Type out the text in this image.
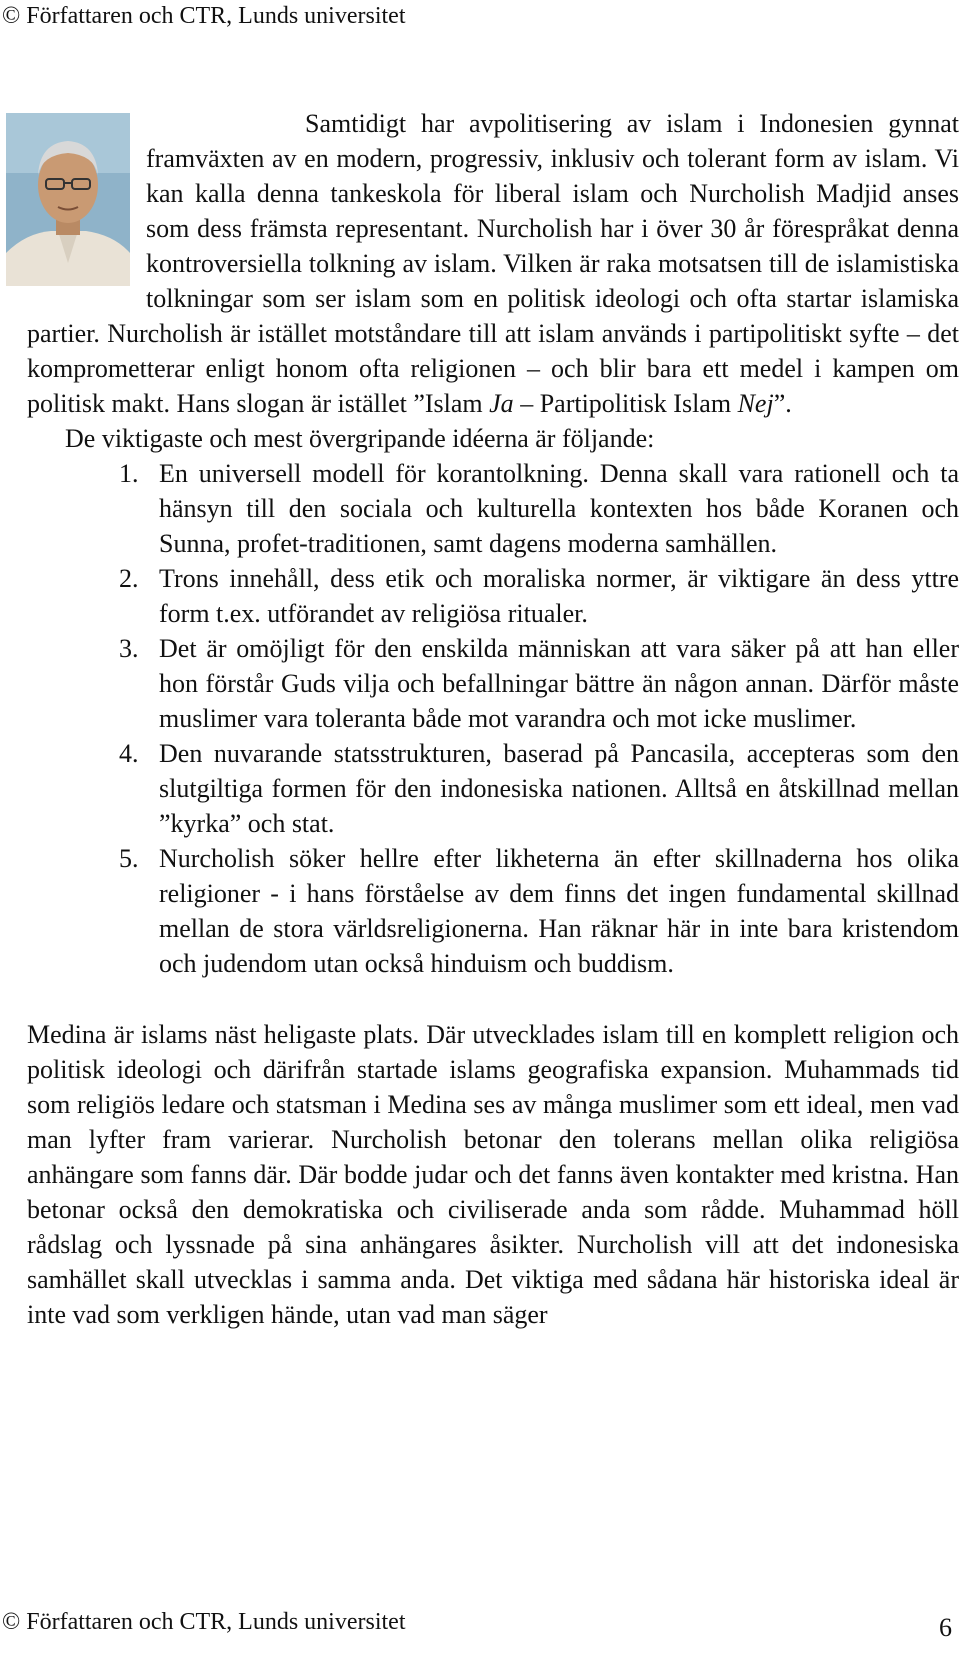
© Författaren och CTR, Lunds universitet

Samtidigt har avpolitisering av islam i Indonesien gynnat framväxten av en modern, progressiv, inklusiv och tolerant form av islam. Vi kan kalla denna tankeskola för liberal islam och Nurcholish Madjid anses som dess främsta representant. Nurcholish har i över 30 år förespråkat denna kontroversiella tolkning av islam. Vilken är raka motsatsen till de islamistiska tolkningar som ser islam som en politisk ideologi och ofta startar islamiska partier. Nurcholish är istället motståndare till att islam används i partipolitiskt syfte – det komprometterar enligt honom ofta religionen – och blir bara ett medel i kampen om politisk makt. Hans slogan är istället ”Islam Ja – Partipolitisk Islam Nej”.

De viktigaste och mest övergripande idéerna är följande:

1. En universell modell för korantolkning. Denna skall vara rationell och ta hänsyn till den sociala och kulturella kontexten hos både Koranen och Sunna, profet-traditionen, samt dagens moderna samhällen.
2. Trons innehåll, dess etik och moraliska normer, är viktigare än dess yttre form t.ex. utförandet av religiösa ritualer.
3. Det är omöjligt för den enskilda människan att vara säker på att han eller hon förstår Guds vilja och befallningar bättre än någon annan. Därför måste muslimer vara toleranta både mot varandra och mot icke muslimer.
4. Den nuvarande statsstrukturen, baserad på Pancasila, accepteras som den slutgiltiga formen för den indonesiska nationen. Alltså en åtskillnad mellan ”kyrka” och stat.
5. Nurcholish söker hellre efter likheterna än efter skillnaderna hos olika religioner - i hans förståelse av dem finns det ingen fundamental skillnad mellan de stora världsreligionerna. Han räknar här in inte bara kristendom och judendom utan också hinduism och buddism.

Medina är islams näst heligaste plats. Där utvecklades islam till en komplett religion och politisk ideologi och därifrån startade islams geografiska expansion. Muhammads tid som religiös ledare och statsman i Medina ses av många muslimer som ett ideal, men vad man lyfter fram varierar. Nurcholish betonar den tolerans mellan olika religiösa anhängare som fanns där. Där bodde judar och det fanns även kontakter med kristna. Han betonar också den demokratiska och civiliserade anda som rådde. Muhammad höll rådslag och lyssnade på sina anhängares åsikter. Nurcholish vill att det indonesiska samhället skall utvecklas i samma anda. Det viktiga med sådana här historiska ideal är inte vad som verkligen hände, utan vad man säger

© Författaren och CTR, Lunds universitet	6
